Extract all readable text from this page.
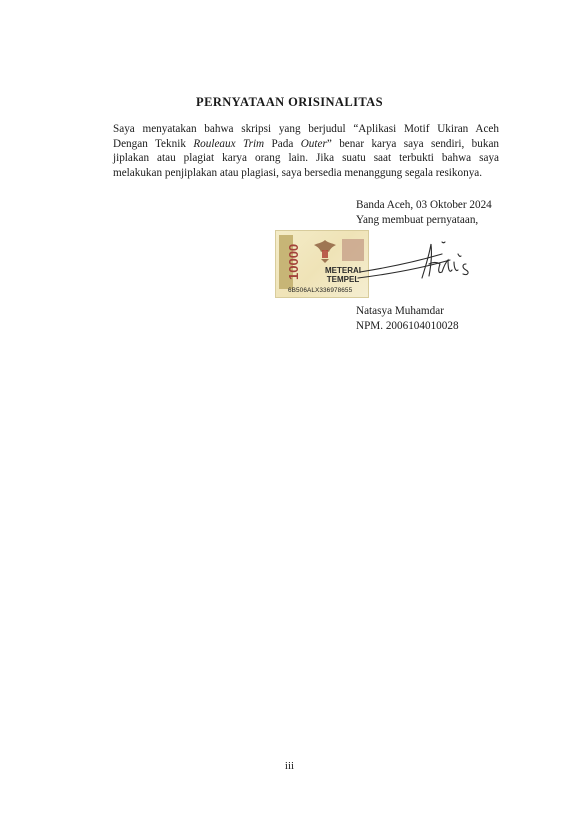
PERNYATAAN ORISINALITAS
Saya menyatakan bahwa skripsi yang berjudul “Aplikasi Motif Ukiran Aceh
Dengan Teknik Rouleaux Trim Pada Outer” benar karya saya sendiri, bukan
jiplakan atau plagiat karya orang lain. Jika suatu saat terbukti bahwa saya
melakukan penjiplakan atau plagiasi, saya bersedia menanggung segala resikonya.
Banda Aceh, 03 Oktober 2024
Yang membuat pernyataan,
10000	METERAI
TEMPEL
6B506ALX336978655
Natasya Muhamdar
NPM. 2006104010028
iii
